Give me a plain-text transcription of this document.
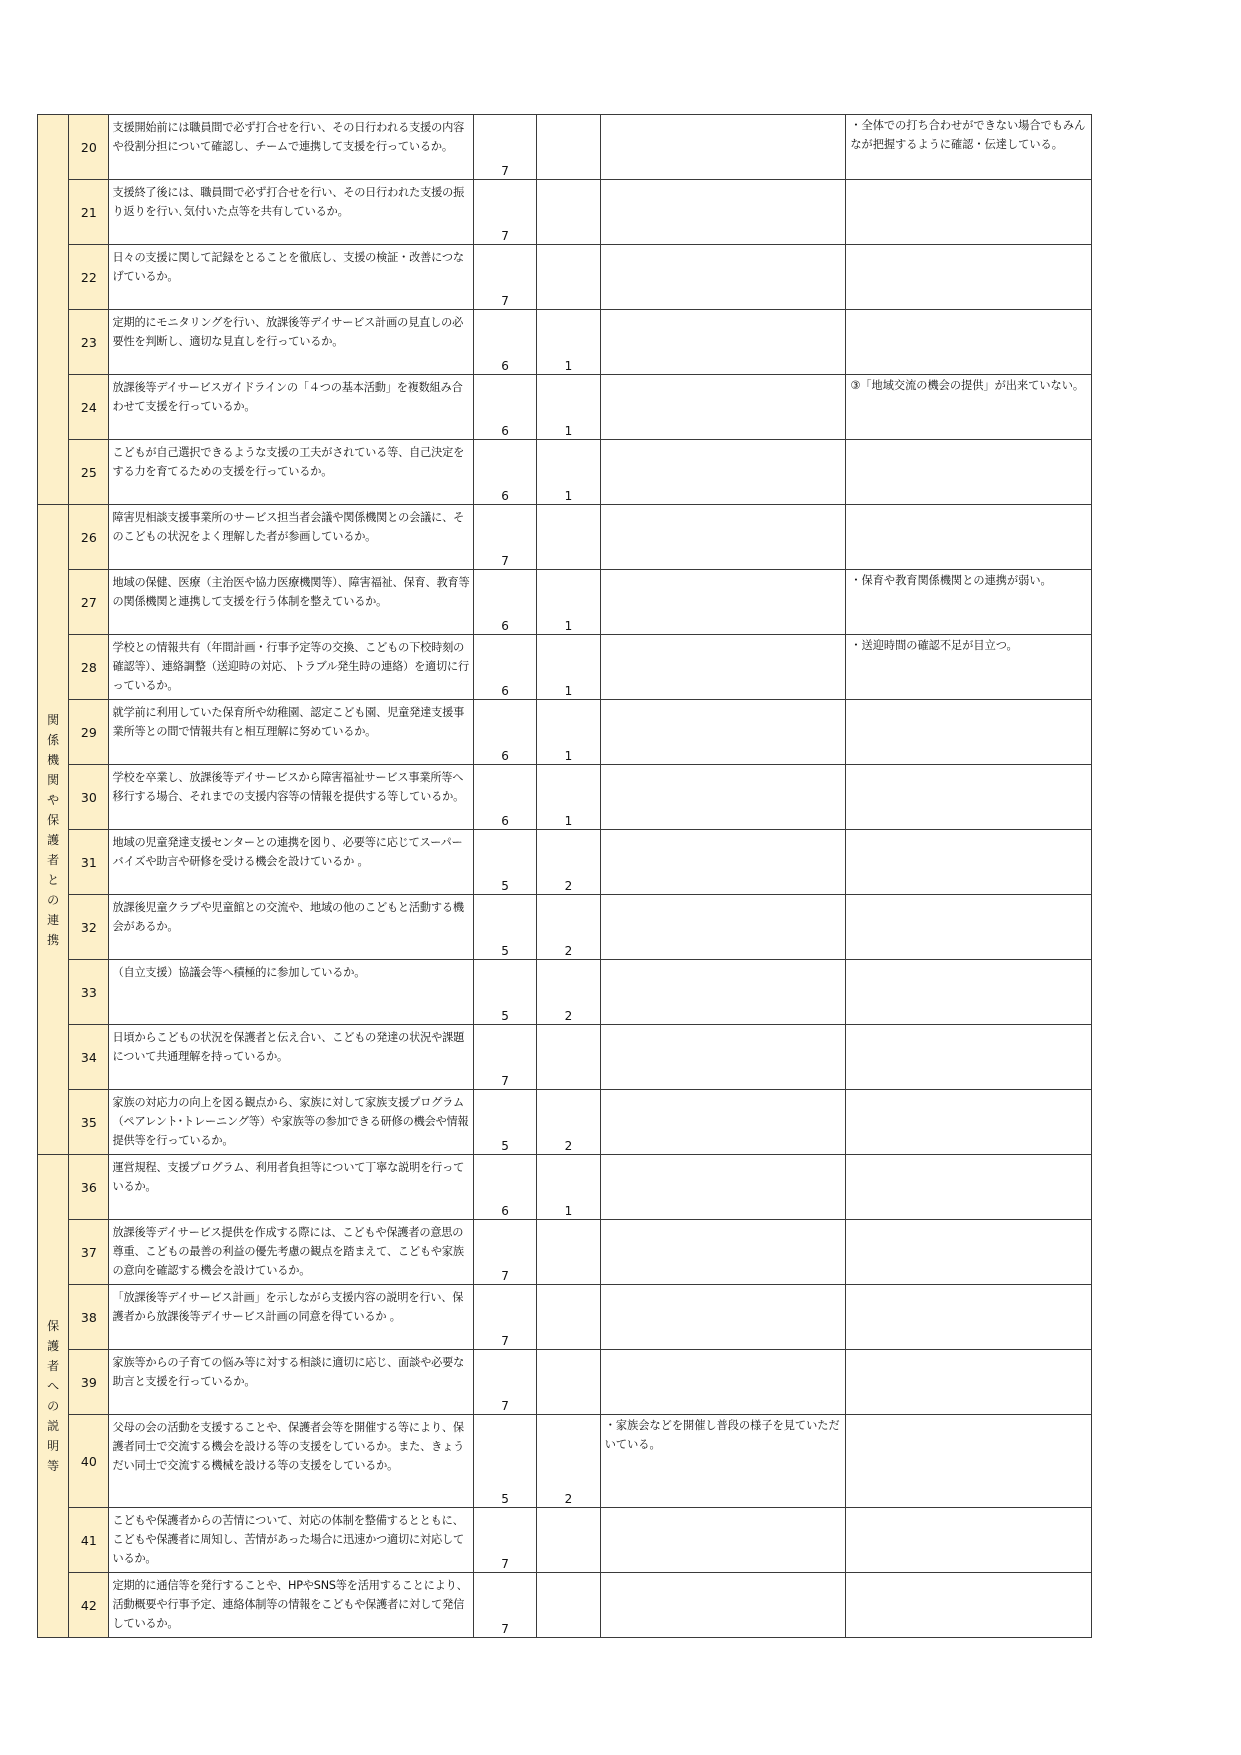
	20	支援開始前には職員間で必ず打合せを行い、その日行われる支援の内容や役割分担について確認し、チームで連携して支援を行っているか。	7			・全体での打ち合わせができない場合でもみんなが把握するように確認・伝達している。
	21	支援終了後には、職員間で必ず打合せを行い、その日行われた支援の振り返りを行い､気付いた点等を共有しているか。	7			
	22	日々の支援に関して記録をとることを徹底し、支援の検証・改善につなげているか。	7			
	23	定期的にモニタリングを行い、放課後等デイサービス計画の見直しの必要性を判断し、適切な見直しを行っているか。	6	1		
	24	放課後等デイサービスガイドラインの「４つの基本活動」を複数組み合わせて支援を行っているか。	6	1		③「地域交流の機会の提供」が出来ていない。
	25	こどもが自己選択できるような支援の工夫がされている等、自己決定をする力を育てるための支援を行っているか。	6	1		
関係機関や保護者との連携	26	障害児相談支援事業所のサービス担当者会議や関係機関との会議に、そのこどもの状況をよく理解した者が参画しているか。	7			
	27	地域の保健、医療（主治医や協力医療機関等）、障害福祉、保育、教育等の関係機関と連携して支援を行う体制を整えているか。	6	1		・保育や教育関係機関との連携が弱い。
	28	学校との情報共有（年間計画・行事予定等の交換、こどもの下校時刻の確認等）、連絡調整（送迎時の対応、トラブル発生時の連絡）を適切に行っているか。	6	1		・送迎時間の確認不足が目立つ。
	29	就学前に利用していた保育所や幼稚園、認定こども園、児童発達支援事業所等との間で情報共有と相互理解に努めているか。	6	1		
	30	学校を卒業し、放課後等デイサービスから障害福祉サービス事業所等へ移行する場合、それまでの支援内容等の情報を提供する等しているか。	6	1		
	31	地域の児童発達支援センターとの連携を図り、必要等に応じてスーパーバイズや助言や研修を受ける機会を設けているか 。	5	2		
	32	放課後児童クラブや児童館との交流や、地域の他のこどもと活動する機会があるか。	5	2		
	33	（自立支援）協議会等へ積極的に参加しているか。	5	2		
	34	日頃からこどもの状況を保護者と伝え合い、こどもの発達の状況や課題について共通理解を持っているか。	7			
	35	家族の対応力の向上を図る観点から、家族に対して家族支援プログラム（ペアレント･トレーニング等）や家族等の参加できる研修の機会や情報提供等を行っているか。	5	2		
保護者への説明等	36	運営規程、支援プログラム、利用者負担等について丁寧な説明を行っているか。	6	1		
	37	放課後等デイサービス提供を作成する際には、こどもや保護者の意思の尊重、こどもの最善の利益の優先考慮の観点を踏まえて、こどもや家族の意向を確認する機会を設けているか。	7			
	38	「放課後等デイサービス計画」を示しながら支援内容の説明を行い、保護者から放課後等デイサービス計画の同意を得ているか 。	7			
	39	家族等からの子育ての悩み等に対する相談に適切に応じ、面談や必要な助言と支援を行っているか。	7			
	40	父母の会の活動を支援することや、保護者会等を開催する等により、保護者同士で交流する機会を設ける等の支援をしているか。また、きょうだい同士で交流する機械を設ける等の支援をしているか。	5	2	・家族会などを開催し普段の様子を見ていただいている。	
	41	こどもや保護者からの苦情について、対応の体制を整備するとともに、こどもや保護者に周知し、苦情があった場合に迅速かつ適切に対応しているか。	7			
	42	定期的に通信等を発行することや、HPやSNS等を活用することにより、活動概要や行事予定、連絡体制等の情報をこどもや保護者に対して発信しているか。	7			
